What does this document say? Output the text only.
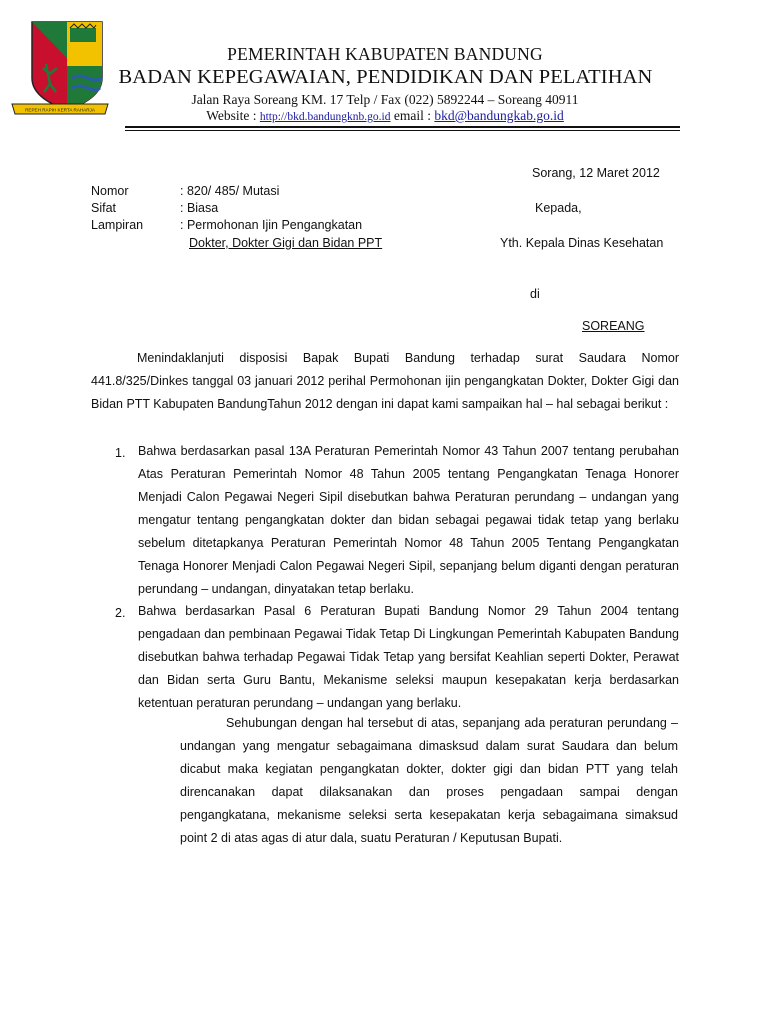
REPEH RAPIH KERTA RAHARJA
PEMERINTAH KABUPATEN BANDUNG
BADAN KEPEGAWAIAN, PENDIDIKAN DAN PELATIHAN
Jalan Raya Soreang KM. 17 Telp / Fax (022) 5892244 – Soreang 40911
Website : http://bkd.bandungknb.go.id email : bkd@bandungkab.go.id
Sorang, 12 Maret 2012
Nomor	: 820/ 485/ Mutasi
Sifat	: Biasa
Lampiran	: Permohonan Ijin Pengangkatan
Dokter, Dokter Gigi dan Bidan PPT
Kepada,
Yth. Kepala Dinas Kesehatan
di
SOREANG
Menindaklanjuti disposisi Bapak Bupati Bandung terhadap surat Saudara Nomor 441.8/325/Dinkes tanggal 03 januari 2012 perihal Permohonan ijin pengangkatan Dokter, Dokter Gigi dan Bidan PTT Kabupaten BandungTahun 2012 dengan ini dapat kami sampaikan hal – hal sebagai berikut :
1. Bahwa berdasarkan pasal 13A Peraturan Pemerintah Nomor 43 Tahun 2007 tentang perubahan Atas Peraturan Pemerintah Nomor 48 Tahun 2005 tentang Pengangkatan Tenaga Honorer Menjadi Calon Pegawai Negeri Sipil disebutkan bahwa Peraturan perundang – undangan yang mengatur tentang pengangkatan dokter dan bidan sebagai pegawai tidak tetap yang berlaku sebelum ditetapkanya Peraturan Pemerintah Nomor 48 Tahun 2005 Tentang Pengangkatan Tenaga Honorer Menjadi Calon Pegawai Negeri Sipil, sepanjang belum diganti dengan peraturan perundang – undangan, dinyatakan tetap berlaku.
2. Bahwa berdasarkan Pasal 6 Peraturan Bupati Bandung Nomor 29 Tahun 2004 tentang pengadaan dan pembinaan Pegawai Tidak Tetap Di Lingkungan Pemerintah Kabupaten Bandung disebutkan bahwa terhadap Pegawai Tidak Tetap yang bersifat Keahlian seperti Dokter, Perawat dan Bidan serta Guru Bantu, Mekanisme seleksi maupun kesepakatan kerja berdasarkan ketentuan peraturan perundang – undangan yang berlaku.
Sehubungan dengan hal tersebut di atas, sepanjang ada peraturan perundang – undangan yang mengatur sebagaimana dimasksud dalam surat Saudara dan belum dicabut maka kegiatan pengangkatan dokter, dokter gigi dan bidan PTT yang telah direncanakan dapat dilaksanakan dan proses pengadaan sampai dengan pengangkatana, mekanisme seleksi serta kesepakatan kerja sebagaimana simaksud point 2 di atas agas di atur dala, suatu Peraturan / Keputusan Bupati.
